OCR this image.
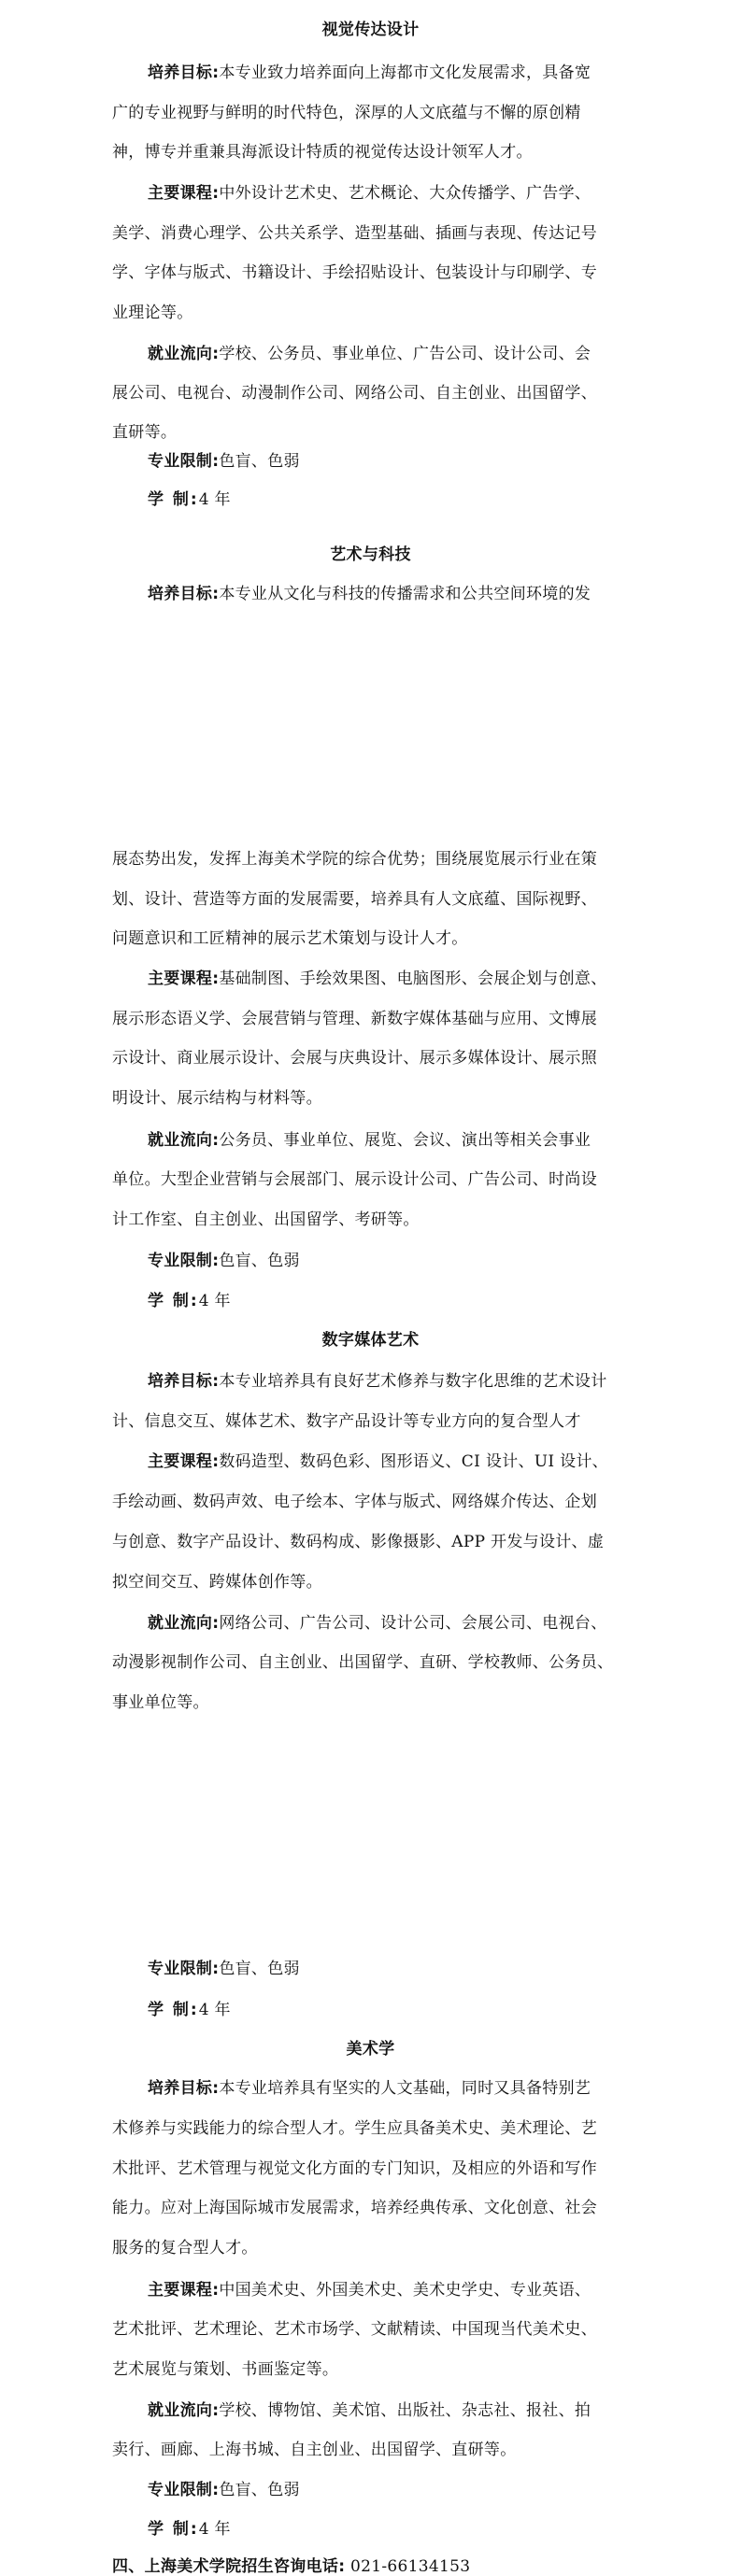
视觉传达设计
培养目标:本专业致力培养面向上海都市文化发展需求，具备宽
广的专业视野与鲜明的时代特色，深厚的人文底蕴与不懈的原创精
神，博专并重兼具海派设计特质的视觉传达设计领军人才。
主要课程:中外设计艺术史、艺术概论、大众传播学、广告学、
美学、消费心理学、公共关系学、造型基础、插画与表现、传达记号
学、字体与版式、书籍设计、手绘招贴设计、包装设计与印刷学、专
业理论等。
就业流向:学校、公务员、事业单位、广告公司、设计公司、会
展公司、电视台、动漫制作公司、网络公司、自主创业、出国留学、
直研等。
专业限制:色盲、色弱
学 制:4 年
艺术与科技
培养目标:本专业从文化与科技的传播需求和公共空间环境的发
展态势出发，发挥上海美术学院的综合优势；围绕展览展示行业在策
划、设计、营造等方面的发展需要，培养具有人文底蕴、国际视野、
问题意识和工匠精神的展示艺术策划与设计人才。
主要课程:基础制图、手绘效果图、电脑图形、会展企划与创意、
展示形态语义学、会展营销与管理、新数字媒体基础与应用、文博展
示设计、商业展示设计、会展与庆典设计、展示多媒体设计、展示照
明设计、展示结构与材料等。
就业流向:公务员、事业单位、展览、会议、演出等相关会事业
单位。大型企业营销与会展部门、展示设计公司、广告公司、时尚设
计工作室、自主创业、出国留学、考研等。
专业限制:色盲、色弱
学 制:4 年
数字媒体艺术
培养目标:本专业培养具有良好艺术修养与数字化思维的艺术设计
计、信息交互、媒体艺术、数字产品设计等专业方向的复合型人才
主要课程:数码造型、数码色彩、图形语义、CI 设计、UI 设计、
手绘动画、数码声效、电子绘本、字体与版式、网络媒介传达、企划
与创意、数字产品设计、数码构成、影像摄影、APP 开发与设计、虚
拟空间交互、跨媒体创作等。
就业流向:网络公司、广告公司、设计公司、会展公司、电视台、
动漫影视制作公司、自主创业、出国留学、直研、学校教师、公务员、
事业单位等。
专业限制:色盲、色弱
学 制:4 年
美术学
培养目标:本专业培养具有坚实的人文基础，同时又具备特别艺
术修养与实践能力的综合型人才。学生应具备美术史、美术理论、艺
术批评、艺术管理与视觉文化方面的专门知识，及相应的外语和写作
能力。应对上海国际城市发展需求，培养经典传承、文化创意、社会
服务的复合型人才。
主要课程:中国美术史、外国美术史、美术史学史、专业英语、
艺术批评、艺术理论、艺术市场学、文献精读、中国现当代美术史、
艺术展览与策划、书画鉴定等。
就业流向:学校、博物馆、美术馆、出版社、杂志社、报社、拍
卖行、画廊、上海书城、自主创业、出国留学、直研等。
专业限制:色盲、色弱
学 制:4 年
四、上海美术学院招生咨询电话: 021-66134153
